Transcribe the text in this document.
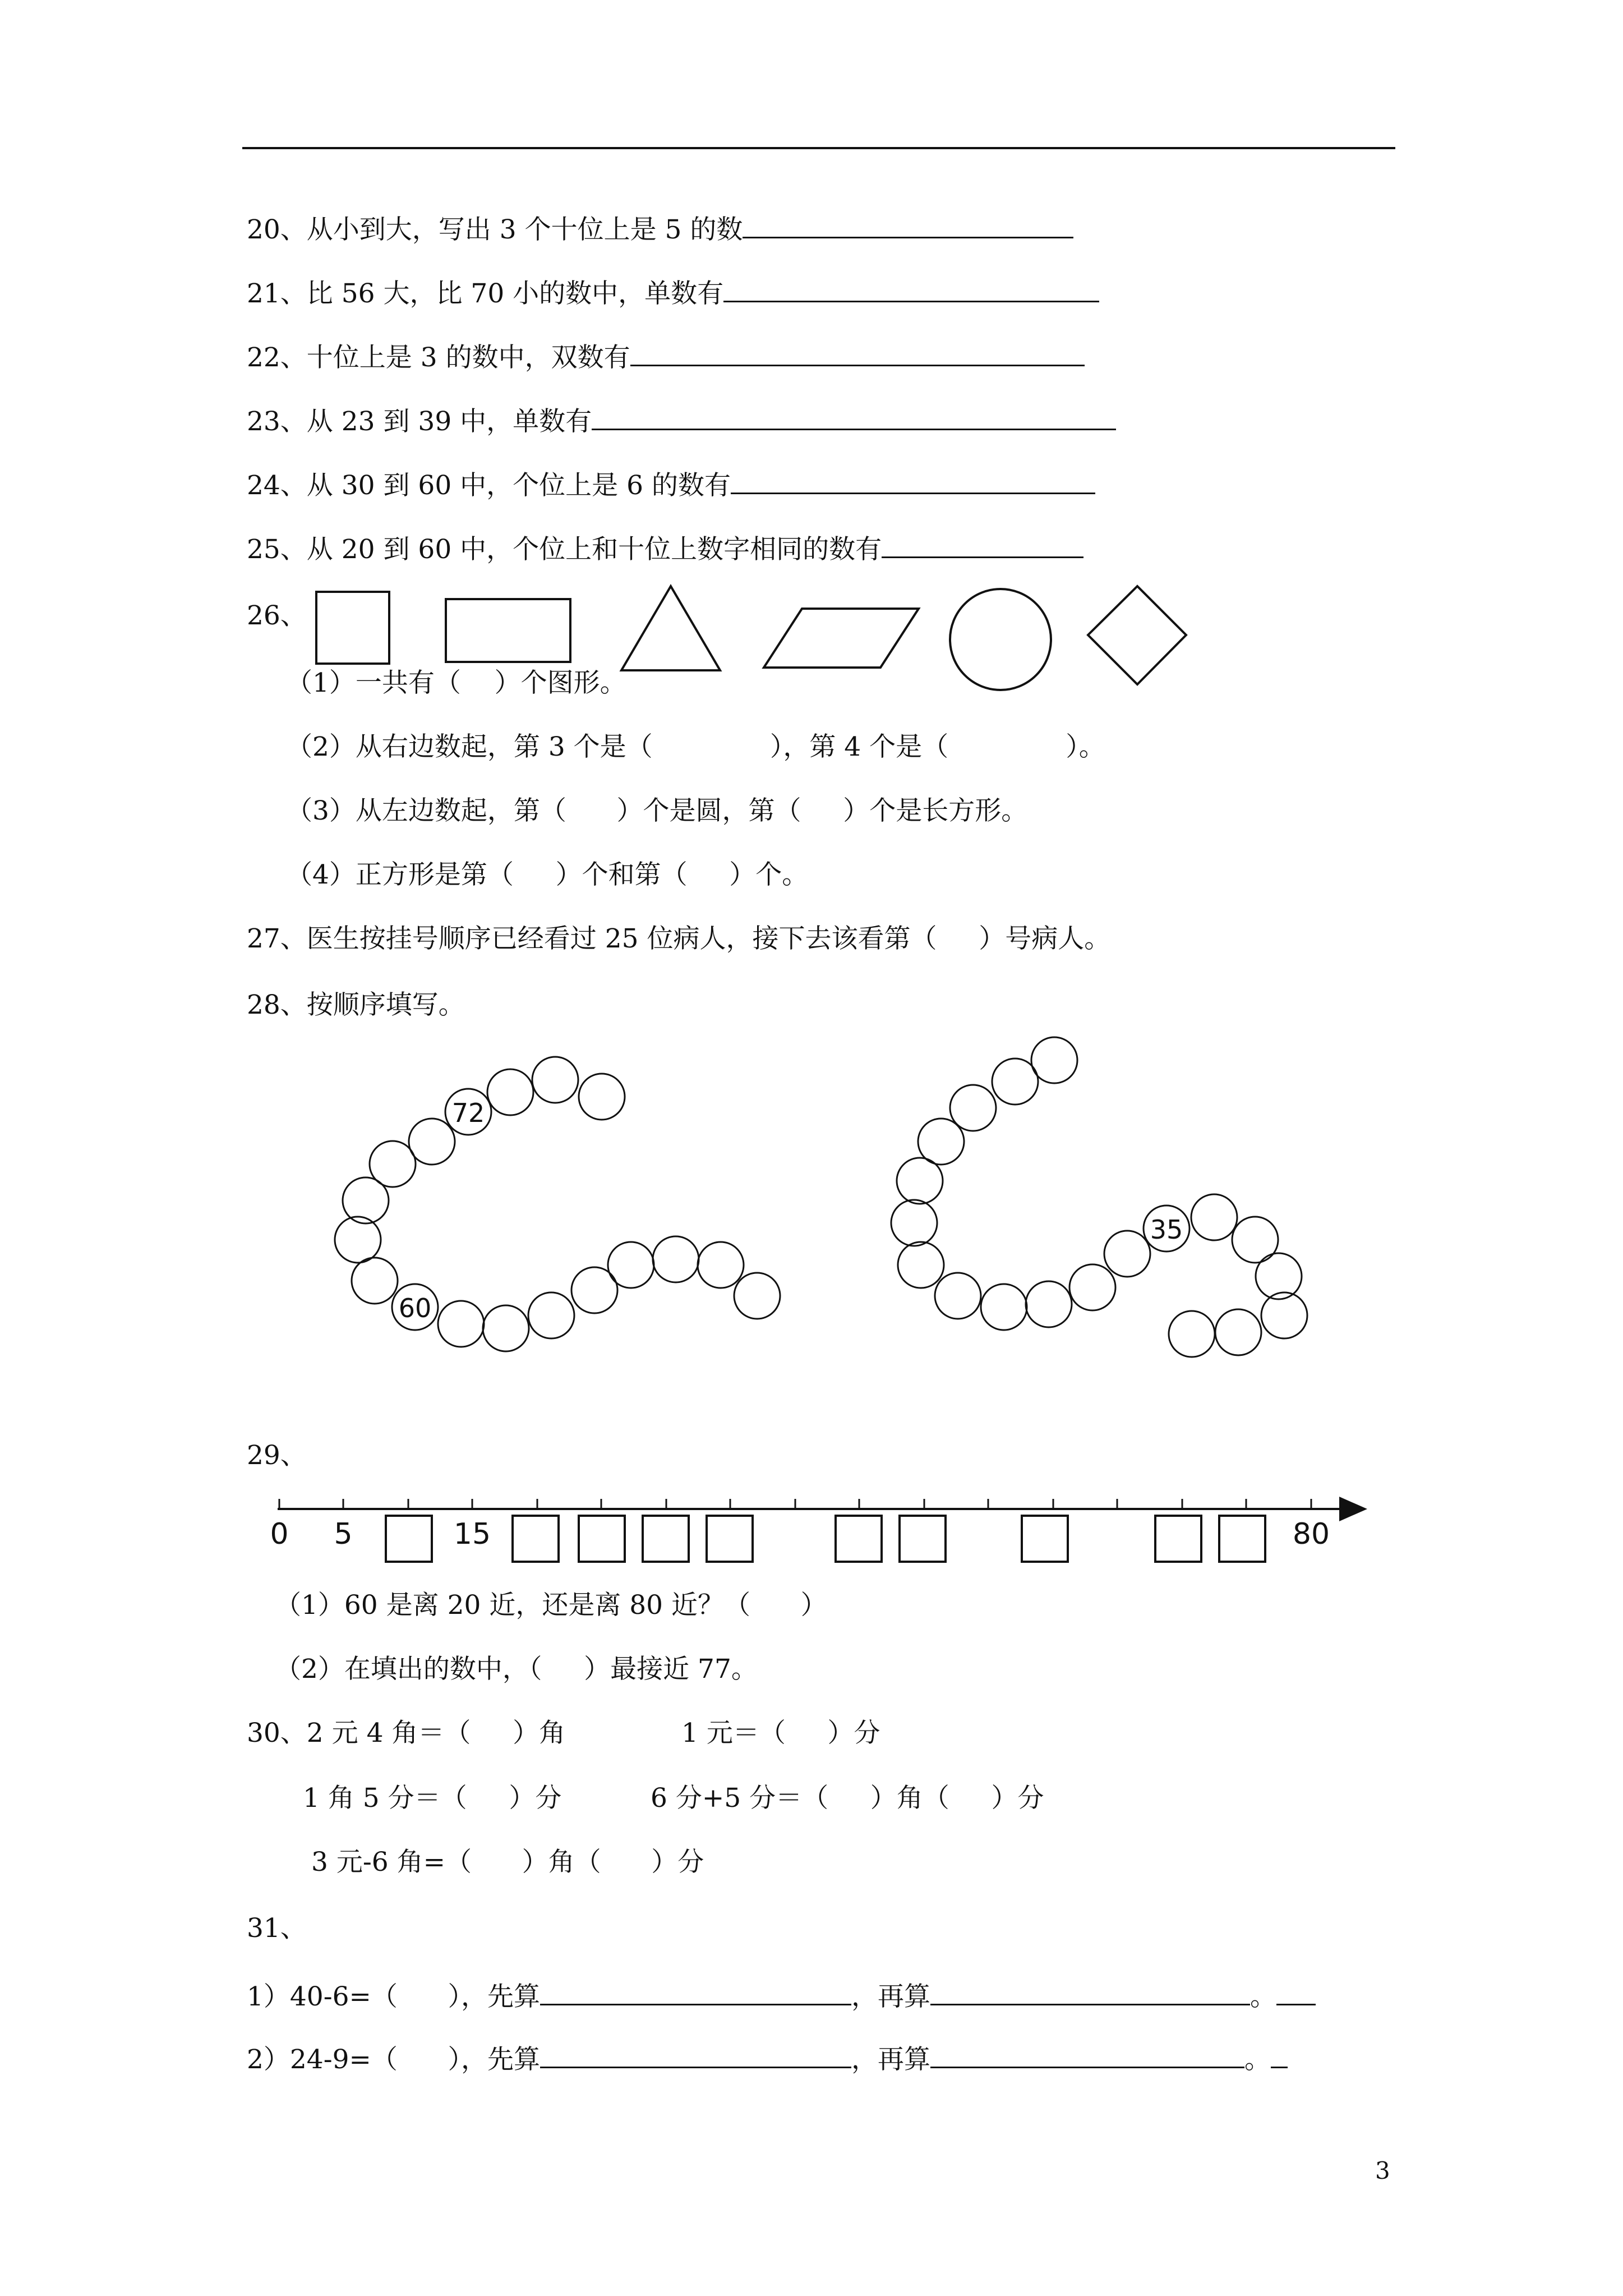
20、从小到大，写出 3 个十位上是 5 的数
21、比 56 大，比 70 小的数中，单数有
22、十位上是 3 的数中，双数有
23、从 23 到 39 中，单数有
24、从 30 到 60 中，个位上是 6 的数有
25、从 20 到 60 中，个位上和十位上数字相同的数有
26、
72
60
35
0 5	15	80
（1）一共有（    ）个图形。
（2）从右边数起，第 3 个是（              ），第 4 个是（              ）。
（3）从左边数起，第（      ）个是圆，第（     ）个是长方形。
（4）正方形是第（     ）个和第（     ）个。
27、医生按挂号顺序已经看过 25 位病人，接下去该看第（     ）号病人。
28、按顺序填写。
29、
（1）60 是离 20 近，还是离 80 近？（      ）
（2）在填出的数中，（     ）最接近 77。
30、2 元 4 角＝（     ）角	1 元＝（     ）分
1 角 5 分＝（     ）分	6 分+5 分＝（     ）角（     ）分
3 元-6 角=（      ）角（      ）分
31、
1）40-6=（      ），先算	，再算	。
2）24-9=（      ），先算	，再算	。
3
